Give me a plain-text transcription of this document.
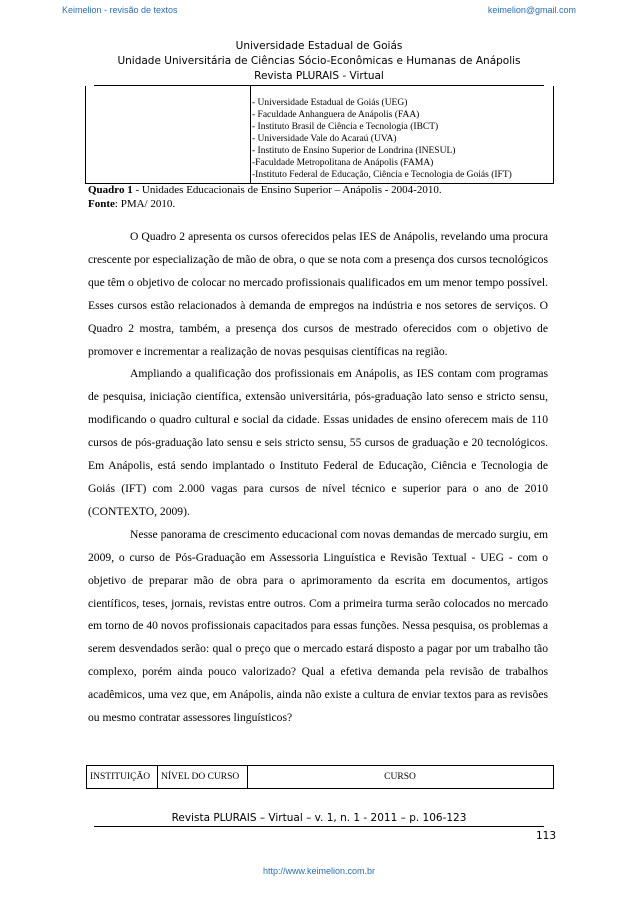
Keimelion - revisão de textos	keimelion@gmail.com
Universidade Estadual de Goiás
Unidade Universitária de Ciências Sócio-Econômicas e Humanas de Anápolis
Revista PLURAIS - Virtual
- Universidade Estadual de Goiás (UEG)
- Faculdade Anhanguera de Anápolis (FAA)
- Instituto Brasil de Ciência e Tecnologia (IBCT)
- Universidade Vale do Acaraú (UVA)
- Instituto de Ensino Superior de Londrina (INESUL)
-Faculdade Metropolitana de Anápolis (FAMA)
-Instituto Federal de Educação, Ciência e Tecnologia de Goiás (IFT)
Quadro 1 - Unidades Educacionais de Ensino Superior – Anápolis - 2004-2010.
Fonte: PMA/ 2010.

O Quadro 2 apresenta os cursos oferecidos pelas IES de Anápolis, revelando uma procura crescente por especialização de mão de obra, o que se nota com a presença dos cursos tecnológicos que têm o objetivo de colocar no mercado profissionais qualificados em um menor tempo possível. Esses cursos estão relacionados à demanda de empregos na indústria e nos setores de serviços. O Quadro 2 mostra, também, a presença dos cursos de mestrado oferecidos com o objetivo de promover e incrementar a realização de novas pesquisas científicas na região.

Ampliando a qualificação dos profissionais em Anápolis, as IES contam com programas de pesquisa, iniciação científica, extensão universitária, pós-graduação lato senso e stricto sensu, modificando o quadro cultural e social da cidade. Essas unidades de ensino oferecem mais de 110 cursos de pós-graduação lato sensu e seis stricto sensu, 55 cursos de graduação e 20 tecnológicos. Em Anápolis, está sendo implantado o Instituto Federal de Educação, Ciência e Tecnologia de Goiás (IFT) com 2.000 vagas para cursos de nível técnico e superior para o ano de 2010 (CONTEXTO, 2009).

Nesse panorama de crescimento educacional com novas demandas de mercado surgiu, em 2009, o curso de Pós-Graduação em Assessoria Linguística e Revisão Textual - UEG - com o objetivo de preparar mão de obra para o aprimoramento da escrita em documentos, artigos científicos, teses, jornais, revistas entre outros. Com a primeira turma serão colocados no mercado em torno de 40 novos profissionais capacitados para essas funções. Nessa pesquisa, os problemas a serem desvendados serão: qual o preço que o mercado estará disposto a pagar por um trabalho tão complexo, porém ainda pouco valorizado? Qual a efetiva demanda pela revisão de trabalhos acadêmicos, uma vez que, em Anápolis, ainda não existe a cultura de enviar textos para as revisões ou mesmo contratar assessores linguísticos?

INSTITUIÇÃO NÍVEL DO CURSO	CURSO
Revista PLURAIS – Virtual – v. 1, n. 1 - 2011 – p. 106-123
113
http://www.keimelion.com.br
